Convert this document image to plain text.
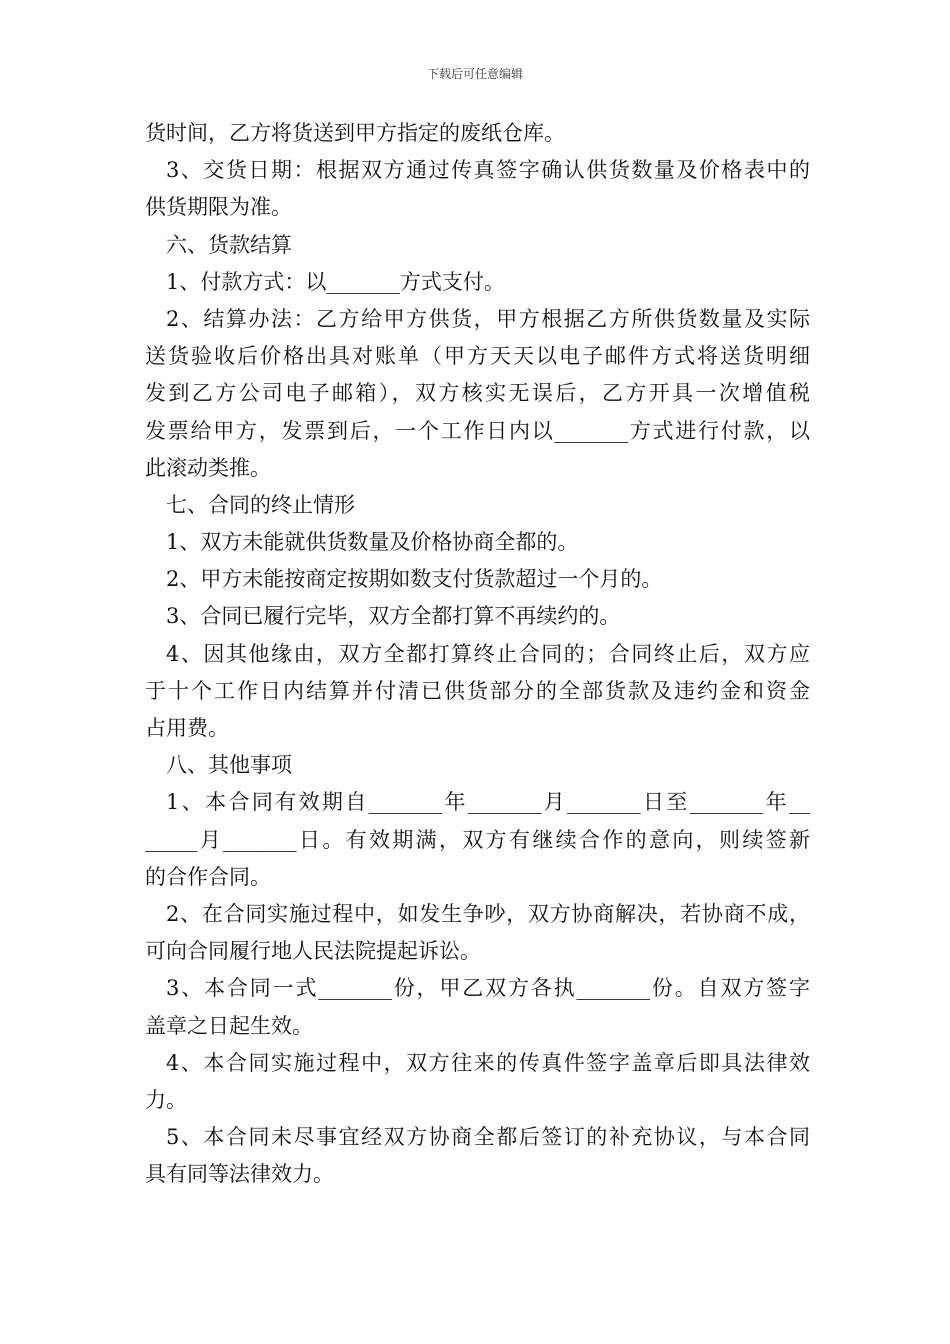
下载后可任意编辑
货时间，乙方将货送到甲方指定的废纸仓库。
3、交货日期：根据双方通过传真签字确认供货数量及价格表中的
供货期限为准。
六、货款结算
1、付款方式：以_______方式支付。
2、结算办法：乙方给甲方供货，甲方根据乙方所供货数量及实际
送货验收后价格出具对账单（甲方天天以电子邮件方式将送货明细
发到乙方公司电子邮箱），双方核实无误后，乙方开具一次增值税
发票给甲方，发票到后，一个工作日内以_______方式进行付款，以
此滚动类推。
七、合同的终止情形
1、双方未能就供货数量及价格协商全都的。
2、甲方未能按商定按期如数支付货款超过一个月的。
3、合同已履行完毕，双方全都打算不再续约的。
4、因其他缘由，双方全都打算终止合同的；合同终止后，双方应
于十个工作日内结算并付清已供货部分的全部货款及违约金和资金
占用费。
八、其他事项
1、本合同有效期自_______年_______月_______日至_______年__
_____月_______日。有效期满，双方有继续合作的意向，则续签新
的合作合同。
2、在合同实施过程中，如发生争吵，双方协商解决，若协商不成，
可向合同履行地人民法院提起诉讼。
3、本合同一式_______份，甲乙双方各执_______份。自双方签字
盖章之日起生效。
4、本合同实施过程中，双方往来的传真件签字盖章后即具法律效
力。
5、本合同未尽事宜经双方协商全都后签订的补充协议，与本合同
具有同等法律效力。
